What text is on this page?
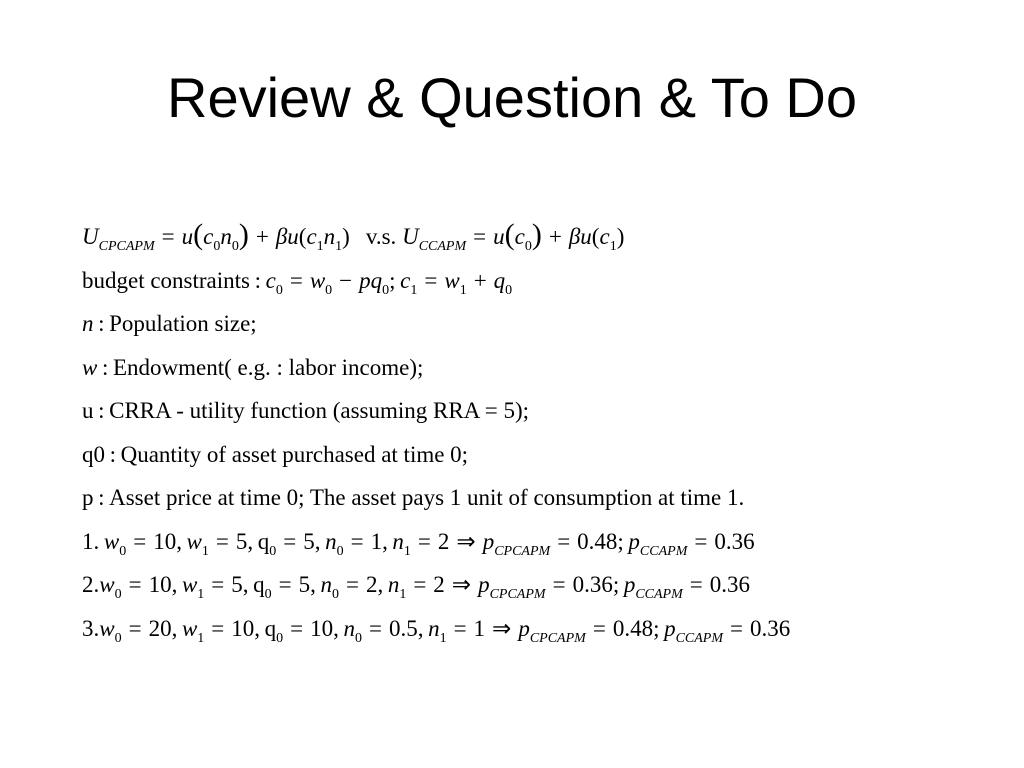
Review & Question & To Do
$U_{CPCAPM} = u(c_0n_0) + \beta u(c_1n_1)$ v.s. $U_{CCAPM} = u(c_0) + \beta u(c_1)$
budget constraints : $c_0 = w_0 - pq_0$; $c_1 = w_1 + q_0$
n : Population size;
w : Endowment( e.g. : labor income);
u : CRRA - utility function (assuming RRA = 5);
q0 : Quantity of asset purchased at time 0;
p : Asset price at time 0; The asset pays 1 unit of consumption at time 1.
1.  $w_0 = 10$, $w_1 = 5$, $q_0 = 5$, $n_0 = 1$, $n_1 = 2$ ⇒ $p_{CPCAPM} = 0.48$; $p_{CCAPM} = 0.36$
$2.w_0 = 10$, $w_1 = 5$, $q_0 = 5$, $n_0 = 2$, $n_1 = 2$ ⇒ $p_{CPCAPM} = 0.36$; $p_{CCAPM} = 0.36$
$3.w_0 = 20$, $w_1 = 10$, $q_0 = 10$, $n_0 = 0.5$, $n_1 = 1$ ⇒ $p_{CPCAPM} = 0.48$; $p_{CCAPM} = 0.36$
